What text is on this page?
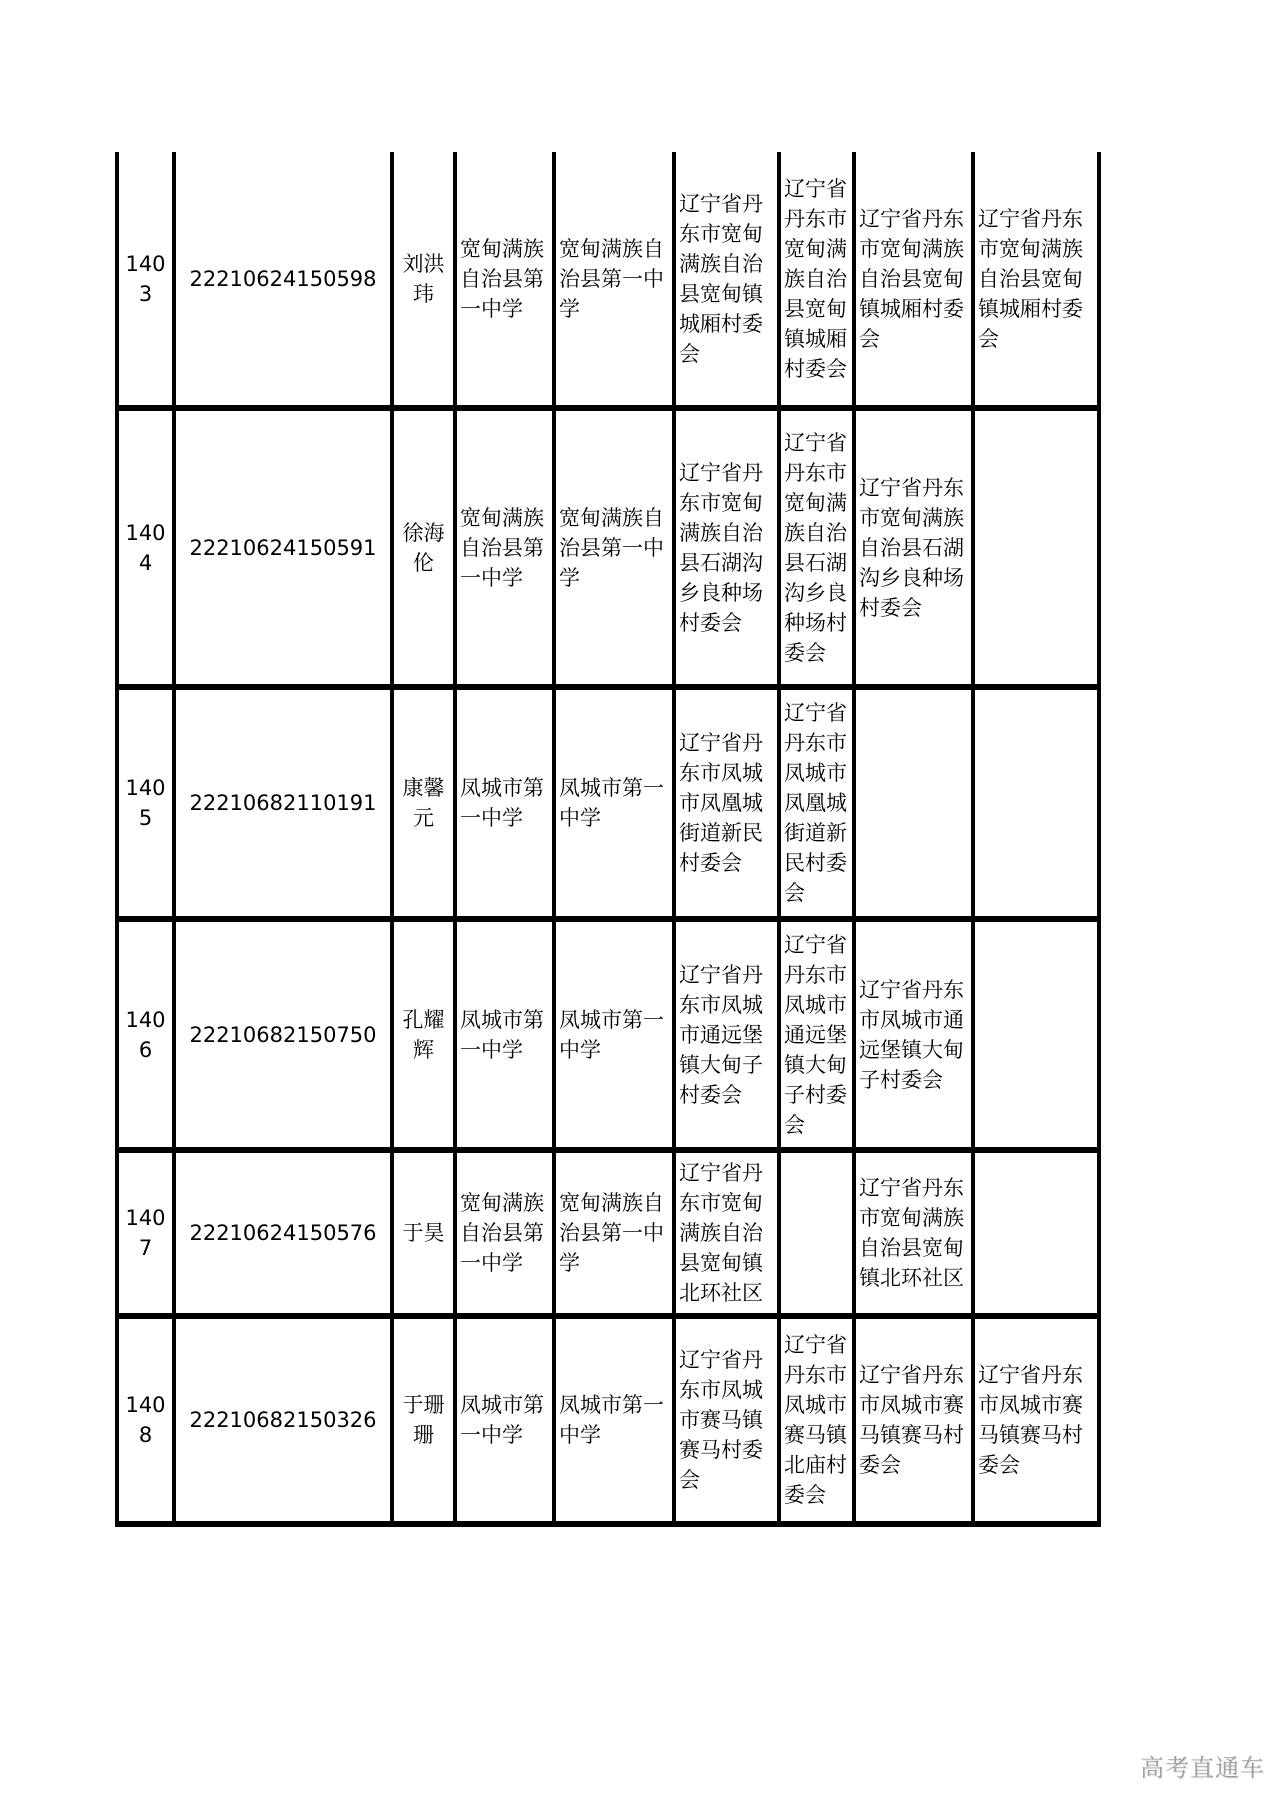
1403	22210624150598	刘洪玮	宽甸满族自治县第一中学	宽甸满族自治县第一中学	辽宁省丹东市宽甸满族自治县宽甸镇城厢村委会	辽宁省丹东市宽甸满族自治县宽甸镇城厢村委会	辽宁省丹东市宽甸满族自治县宽甸镇城厢村委会	辽宁省丹东市宽甸满族自治县宽甸镇城厢村委会
1404	22210624150591	徐海伦	宽甸满族自治县第一中学	宽甸满族自治县第一中学	辽宁省丹东市宽甸满族自治县石湖沟乡良种场村委会	辽宁省丹东市宽甸满族自治县石湖沟乡良种场村委会	辽宁省丹东市宽甸满族自治县石湖沟乡良种场村委会	
1405	22210682110191	康馨元	凤城市第一中学	凤城市第一中学	辽宁省丹东市凤城市凤凰城街道新民村委会	辽宁省丹东市凤城市凤凰城街道新民村委会		
1406	22210682150750	孔耀辉	凤城市第一中学	凤城市第一中学	辽宁省丹东市凤城市通远堡镇大甸子村委会	辽宁省丹东市凤城市通远堡镇大甸子村委会	辽宁省丹东市凤城市通远堡镇大甸子村委会	
1407	22210624150576	于昊	宽甸满族自治县第一中学	宽甸满族自治县第一中学	辽宁省丹东市宽甸满族自治县宽甸镇北环社区		辽宁省丹东市宽甸满族自治县宽甸镇北环社区	
1408	22210682150326	于珊珊	凤城市第一中学	凤城市第一中学	辽宁省丹东市凤城市赛马镇赛马村委会	辽宁省丹东市凤城市赛马镇北庙村委会	辽宁省丹东市凤城市赛马镇赛马村委会	辽宁省丹东市凤城市赛马镇赛马村委会
高考直通车
